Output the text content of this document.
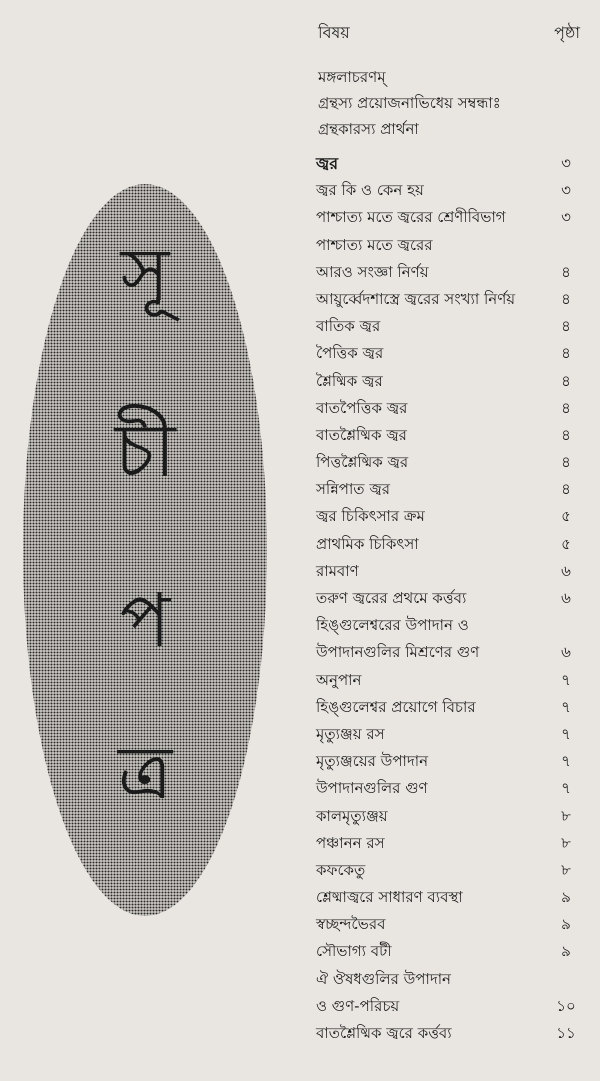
সূ
চী
প
ত্র
বিষয়	পৃষ্ঠা
মঙ্গলাচরণম্
গ্রন্থস্য প্রয়োজনাভিধেয় সম্বন্ধাঃ
গ্রন্থকারস্য প্রার্থনা
জ্বর	৩
জ্বর কি ও কেন হয়	৩
পাশ্চাত্য মতে জ্বরের শ্রেণীবিভাগ	৩
পাশ্চাত্য মতে জ্বরের
আরও সংজ্ঞা নির্ণয়	৪
আয়ুর্ব্বেদশাস্ত্রে জ্বরের সংখ্যা নির্ণয়	৪
বাতিক জ্বর	৪
পৈত্তিক জ্বর	৪
শ্লৈষ্মিক জ্বর	৪
বাতপৈত্তিক জ্বর	৪
বাতশ্লৈষ্মিক জ্বর	৪
পিত্তশ্লৈষ্মিক জ্বর	৪
সন্নিপাত জ্বর	৪
জ্বর চিকিৎসার ক্রম	৫
প্রাথমিক চিকিৎসা	৫
রামবাণ	৬
তরুণ জ্বরের প্রথমে কর্ত্তব্য	৬
হিঙ্গুলেশ্বরের উপাদান ও
উপাদানগুলির মিশ্রণের গুণ	৬
অনুপান	৭
হিঙ্গুলেশ্বর প্রয়োগে বিচার	৭
মৃত্যুঞ্জয় রস	৭
মৃত্যুঞ্জয়ের উপাদান	৭
উপাদানগুলির গুণ	৭
কালমৃত্যুঞ্জয়	৮
পঞ্চানন রস	৮
কফকেতু	৮
শ্লেষ্মাজ্বরে সাধারণ ব্যবস্থা	৯
স্বচ্ছন্দভৈরব	৯
সৌভাগ্য বটী	৯
ঐ ঔষধগুলির উপাদান
ও গুণ-পরিচয়	১০
বাতশ্লৈষ্মিক জ্বরে কর্ত্তব্য	১১
